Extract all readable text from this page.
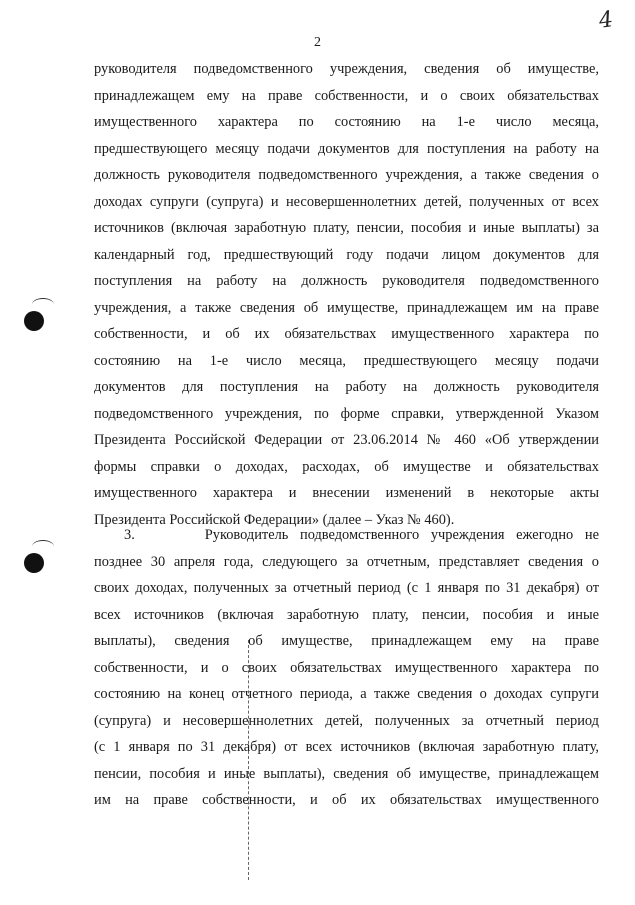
4
2
руководителя подведомственного учреждения, сведения об имуществе,
принадлежащем ему на праве собственности, и о своих обязательствах
имущественного характера по состоянию на 1-е число месяца,
предшествующего месяцу подачи документов для поступления на работу на
должность руководителя подведомственного учреждения, а также сведения о
доходах супруги (супруга) и несовершеннолетних детей, полученных от всех
источников (включая заработную плату, пенсии, пособия и иные выплаты) за
календарный год, предшествующий году подачи лицом документов для
поступления на работу на должность руководителя подведомственного
учреждения, а также сведения об имуществе, принадлежащем им на праве
собственности, и об их обязательствах имущественного характера по
состоянию на 1-е число месяца, предшествующего месяцу подачи
документов для поступления на работу на должность руководителя
подведомственного учреждения, по форме справки, утвержденной Указом
Президента Российской Федерации от 23.06.2014 № 460 «Об утверждении
формы справки о доходах, расходах, об имуществе и обязательствах
имущественного характера и внесении изменений в некоторые акты
Президента Российской Федерации» (далее – Указ № 460).
3.      Руководитель подведомственного учреждения ежегодно не
позднее 30 апреля года, следующего за отчетным, представляет сведения о
своих доходах, полученных за отчетный период (с 1 января по 31 декабря) от
всех источников (включая заработную плату, пенсии, пособия и иные
выплаты), сведения об имуществе, принадлежащем ему на праве
собственности, и о своих обязательствах имущественного характера по
состоянию на конец отчетного периода, а также сведения о доходах супруги
(супруга) и несовершеннолетних детей, полученных за отчетный период
(с 1 января по 31 декабря) от всех источников (включая заработную плату,
пенсии, пособия и иные выплаты), сведения об имуществе, принадлежащем
им на праве собственности, и об их обязательствах имущественного
